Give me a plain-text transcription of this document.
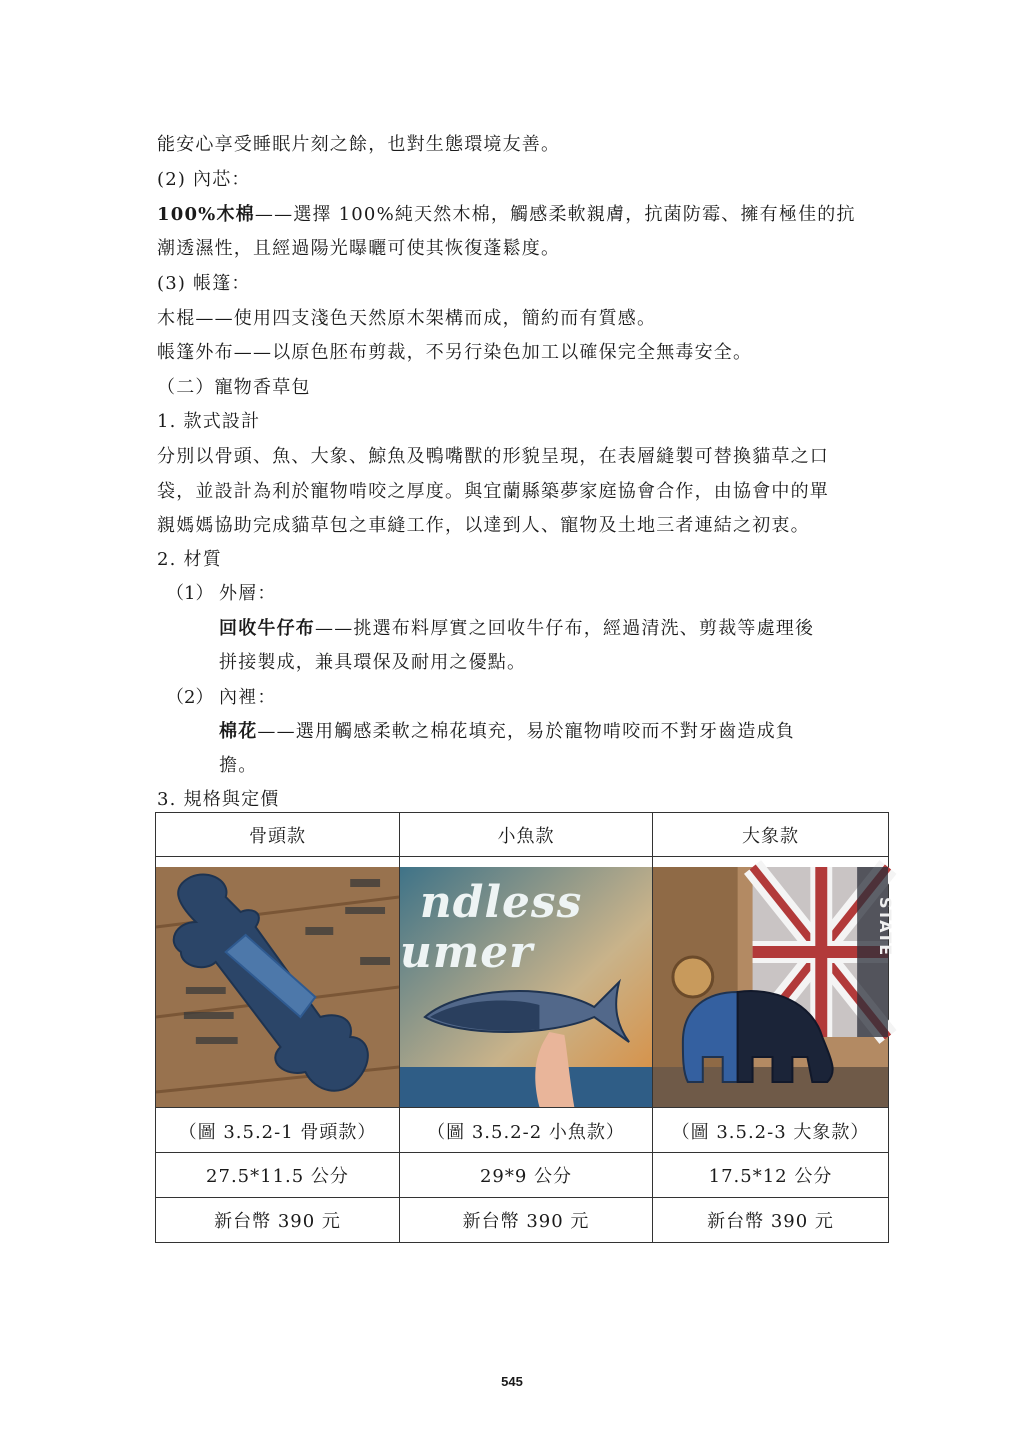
能安心享受睡眠片刻之餘，也對生態環境友善。
(2) 內芯：
100%木棉——選擇 100%純天然木棉，觸感柔軟親膚，抗菌防霉、擁有極佳的抗
潮透濕性，且經過陽光曝曬可使其恢復蓬鬆度。
(3) 帳篷：
木棍——使用四支淺色天然原木架構而成，簡約而有質感。
帳篷外布——以原色胚布剪裁，不另行染色加工以確保完全無毒安全。
（二）寵物香草包
1. 款式設計
分別以骨頭、魚、大象、鯨魚及鴨嘴獸的形貌呈現，在表層縫製可替換貓草之口
袋，並設計為利於寵物啃咬之厚度。與宜蘭縣築夢家庭協會合作，由協會中的單
親媽媽協助完成貓草包之車縫工作，以達到人、寵物及土地三者連結之初衷。
2. 材質
（1） 外層：
回收牛仔布——挑選布料厚實之回收牛仔布，經過清洗、剪裁等處理後
拼接製成，兼具環保及耐用之優點。
（2） 內裡：
棉花——選用觸感柔軟之棉花填充，易於寵物啃咬而不對牙齒造成負
擔。
3. 規格與定價
骨頭款	小魚款	大象款

ndless
umer	STATE

（圖 3.5.2-1 骨頭款）	（圖 3.5.2-2 小魚款）	（圖 3.5.2-3 大象款）
27.5*11.5 公分	29*9 公分	17.5*12 公分
新台幣 390 元	新台幣 390 元	新台幣 390 元
545
